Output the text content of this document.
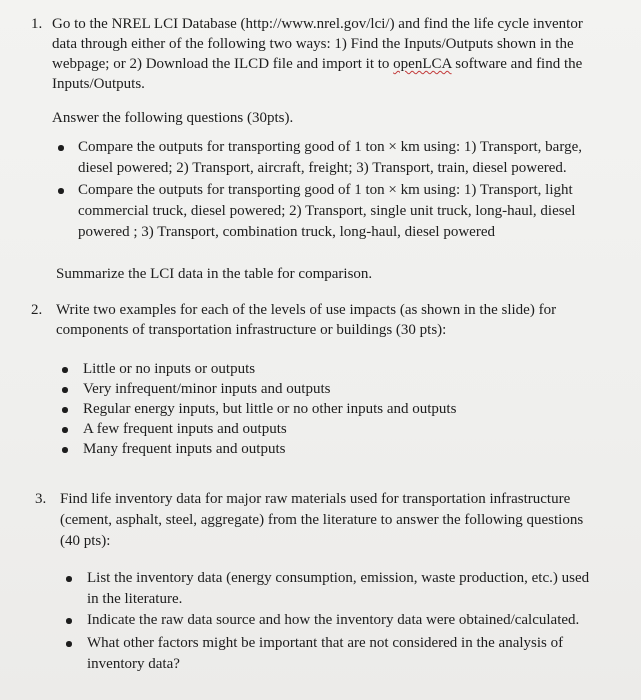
1. Go to the NREL LCI Database (http://www.nrel.gov/lci/) and find the life cycle inventor
data through either of the following two ways: 1) Find the Inputs/Outputs shown in the
webpage; or 2) Download the ILCD file and import it to openLCA software and find the
Inputs/Outputs.
Answer the following questions (30pts).
Compare the outputs for transporting good of 1 ton × km using: 1) Transport, barge,
diesel powered; 2) Transport, aircraft, freight; 3) Transport, train, diesel powered.
Compare the outputs for transporting good of 1 ton × km using: 1) Transport, light
commercial truck, diesel powered; 2) Transport, single unit truck, long-haul, diesel
powered ; 3) Transport, combination truck, long-haul, diesel powered
Summarize the LCI data in the table for comparison.
2. Write two examples for each of the levels of use impacts (as shown in the slide) for
components of transportation infrastructure or buildings (30 pts):
Little or no inputs or outputs
Very infrequent/minor inputs and outputs
Regular energy inputs, but little or no other inputs and outputs
A few frequent inputs and outputs
Many frequent inputs and outputs
3. Find life inventory data for major raw materials used for transportation infrastructure
(cement, asphalt, steel, aggregate) from the literature to answer the following questions
(40 pts):
List the inventory data (energy consumption, emission, waste production, etc.) used
in the literature.
Indicate the raw data source and how the inventory data were obtained/calculated.
What other factors might be important that are not considered in the analysis of
inventory data?
